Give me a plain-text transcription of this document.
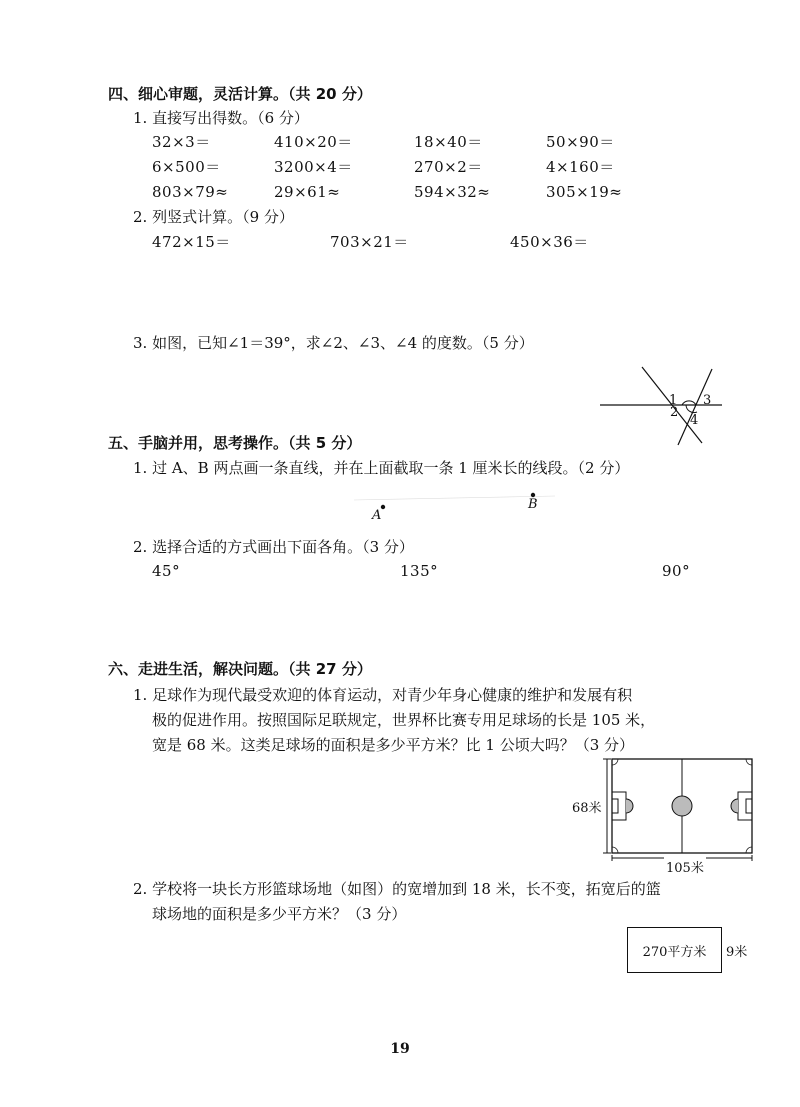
四、细心审题，灵活计算。（共 20 分）
1. 直接写出得数。（6 分）
32×3＝	410×20＝	18×40＝	50×90＝
6×500＝	3200×4＝	270×2＝	4×160＝
803×79≈	29×61≈	594×32≈	305×19≈
2. 列竖式计算。（9 分）
472×15＝	703×21＝	450×36＝
3. 如图，已知∠1＝39°，求∠2、∠3、∠4 的度数。（5 分）
1
2
3
4
五、手脑并用，思考操作。（共 5 分）
1. 过 A、B 两点画一条直线，并在上面截取一条 1 厘米长的线段。（2 分）
A
B
2. 选择合适的方式画出下面各角。（3 分）
45°	135°	90°
六、走进生活，解决问题。（共 27 分）
1. 足球作为现代最受欢迎的体育运动，对青少年身心健康的维护和发展有积
极的促进作用。按照国际足联规定，世界杯比赛专用足球场的长是 105 米，
宽是 68 米。这类足球场的面积是多少平方米？比 1 公顷大吗？（3 分）
68米
105米
2. 学校将一块长方形篮球场地（如图）的宽增加到 18 米，长不变，拓宽后的篮
球场地的面积是多少平方米？（3 分）
270平方米	9米
19
